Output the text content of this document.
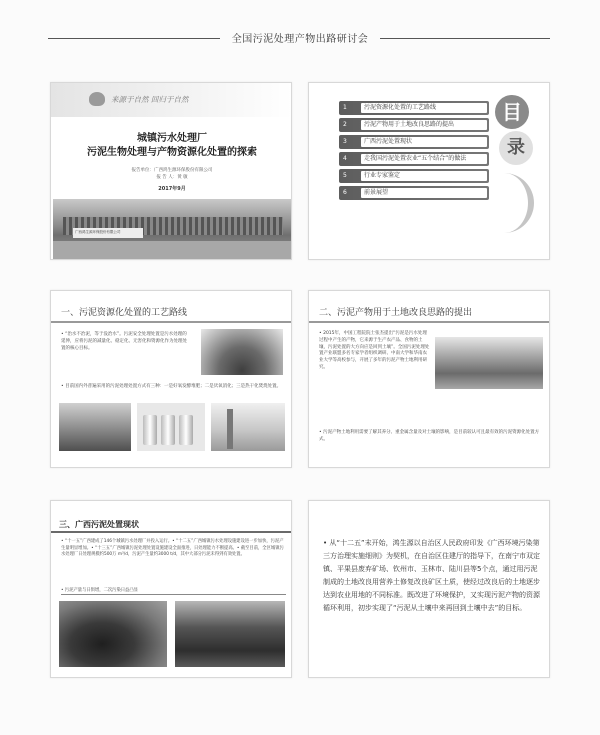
全国污泥处理产物出路研讨会
来源于自然 回归于自然
城镇污水处理厂
污泥生物处理与产物资源化处置的探索
报告单位：广西鸿生源环保股份有限公司
报 告 人：黄 敏
2017年9月
广西鸿生源环保股份有限公司
1	污泥资源化处置的工艺路线
2	污泥产物用于土地改良思路的提出
3	广西污泥处置现状
4	走我国污泥处置农业“五个结合”的做法
5	行业专家鉴定
6	前景展望
目
录
一、污泥资源化处置的工艺路线
• “治水不治泥，等于没治水”。污泥安全处理处置是污水处理的延伸，应将污泥的减量化、稳定化、无害化和资源化作为处理处置的核心目标。
• 目前国内外普遍采用的污泥处理处置方式有三种：一是好氧发酵堆肥；二是厌氧消化；三是热干化焚烧处置。
二、污泥产物用于土地改良思路的提出
• 2015年，中国工程院院士张杰提出“污泥是污水处理过程中产生的产物，它来源于生产农产品、食物的土壤，污泥处置的大方向应是回到土壤”。全国污泥处理处置产业联盟多名专家学者组织调研、中南大学和华南农业大学等高校参与，开展了多年的污泥产物土地利用研究。
• 污泥产物土地利用需要了解其养分、重金属含量及对土壤的影响，是目前较认可且最有效的污泥资源化处置方式。
三、广西污泥处置现状
• “十一五”广西建成了146个城镇污水处理厂并投入运行。• “十二五”广西城镇污水处理设施建设进一步加快，污泥产生量明显增加。• “十三五”广西城镇污泥处理处置设施建设全面推进，日处理能力不断提高。• 截至目前，全区城镇污水处理厂日处理规模约500万 m³/d，污泥产生量约3000 t/d，其中大部分污泥未得到有效处置。
• 污泥产量与日俱增，二次污染日益凸显
• 从“十二五”末开始，鸿生源以自治区人民政府印发《广西环境污染第三方治理实施细则》为契机，在自治区住建厅的指导下，在南宁市双定镇、平果县废弃矿场、钦州市、玉林市、陆川县等5个点，通过用污泥制成的土地改良用营养土修复改良矿区土质，使经过改良后的土地逐步达到农业用地的不同标准。既改进了环境保护，又实现污泥产物的资源循环利用，初步实现了“污泥从土壤中来再回到土壤中去”的目标。
